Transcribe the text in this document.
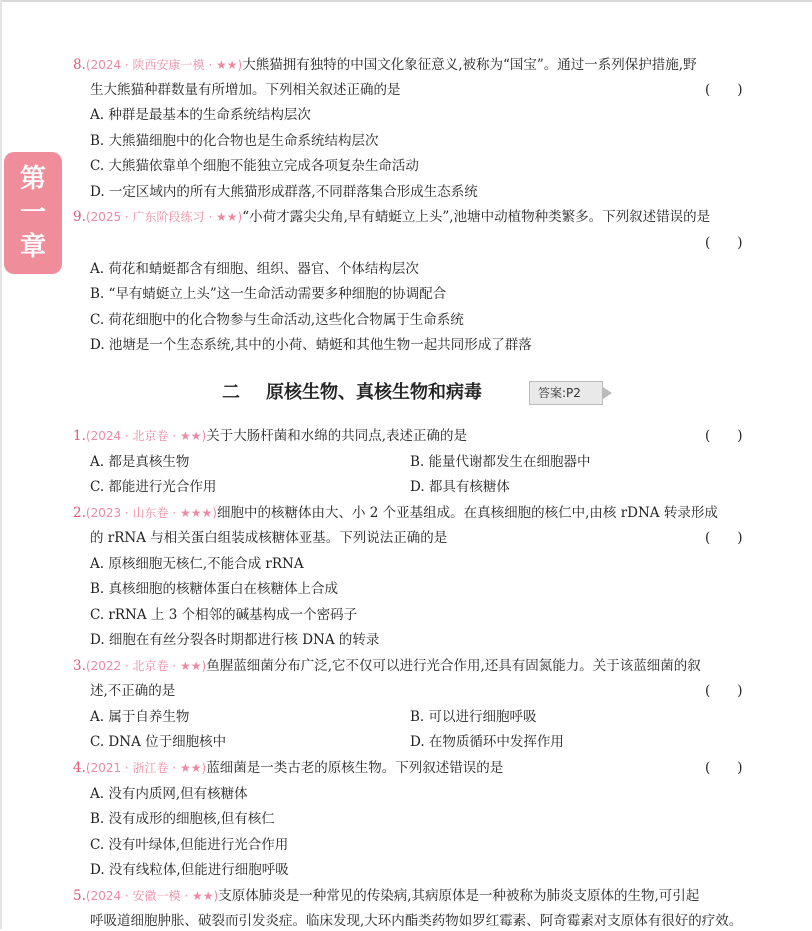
第
一
章
8.(2024 · 陕西安康一模 · ★★)大熊猫拥有独特的中国文化象征意义,被称为“国宝”。通过一系列保护措施,野
生大熊猫种群数量有所增加。下列相关叙述正确的是	(　　)
A. 种群是最基本的生命系统结构层次
B. 大熊猫细胞中的化合物也是生命系统结构层次
C. 大熊猫依靠单个细胞不能独立完成各项复杂生命活动
D. 一定区域内的所有大熊猫形成群落,不同群落集合形成生态系统
9.(2025 · 广东阶段练习 · ★★)“小荷才露尖尖角,早有蜻蜓立上头”,池塘中动植物种类繁多。下列叙述错误的是
(　　)
A. 荷花和蜻蜓都含有细胞、组织、器官、个体结构层次
B. “早有蜻蜓立上头”这一生命活动需要多种细胞的协调配合
C. 荷花细胞中的化合物参与生命活动,这些化合物属于生命系统
D. 池塘是一个生态系统,其中的小荷、蜻蜓和其他生物一起共同形成了群落
二 原核生物、真核生物和病毒	答案:P2
1.(2024 · 北京卷 · ★★)关于大肠杆菌和水绵的共同点,表述正确的是	(　　)
A. 都是真核生物	B. 能量代谢都发生在细胞器中
C. 都能进行光合作用	D. 都具有核糖体
2.(2023 · 山东卷 · ★★★)细胞中的核糖体由大、小 2 个亚基组成。在真核细胞的核仁中,由核 rDNA 转录形成
的 rRNA 与相关蛋白组装成核糖体亚基。下列说法正确的是	(　　)
A. 原核细胞无核仁,不能合成 rRNA
B. 真核细胞的核糖体蛋白在核糖体上合成
C. rRNA 上 3 个相邻的碱基构成一个密码子
D. 细胞在有丝分裂各时期都进行核 DNA 的转录
3.(2022 · 北京卷 · ★★)鱼腥蓝细菌分布广泛,它不仅可以进行光合作用,还具有固氮能力。关于该蓝细菌的叙
述,不正确的是	(　　)
A. 属于自养生物	B. 可以进行细胞呼吸
C. DNA 位于细胞核中	D. 在物质循环中发挥作用
4.(2021 · 浙江卷 · ★★)蓝细菌是一类古老的原核生物。下列叙述错误的是	(　　)
A. 没有内质网,但有核糖体
B. 没有成形的细胞核,但有核仁
C. 没有叶绿体,但能进行光合作用
D. 没有线粒体,但能进行细胞呼吸
5.(2024 · 安徽一模 · ★★)支原体肺炎是一种常见的传染病,其病原体是一种被称为肺炎支原体的生物,可引起
呼吸道细胞肿胀、破裂而引发炎症。临床发现,大环内酯类药物如罗红霉素、阿奇霉素对支原体有很好的疗效。
